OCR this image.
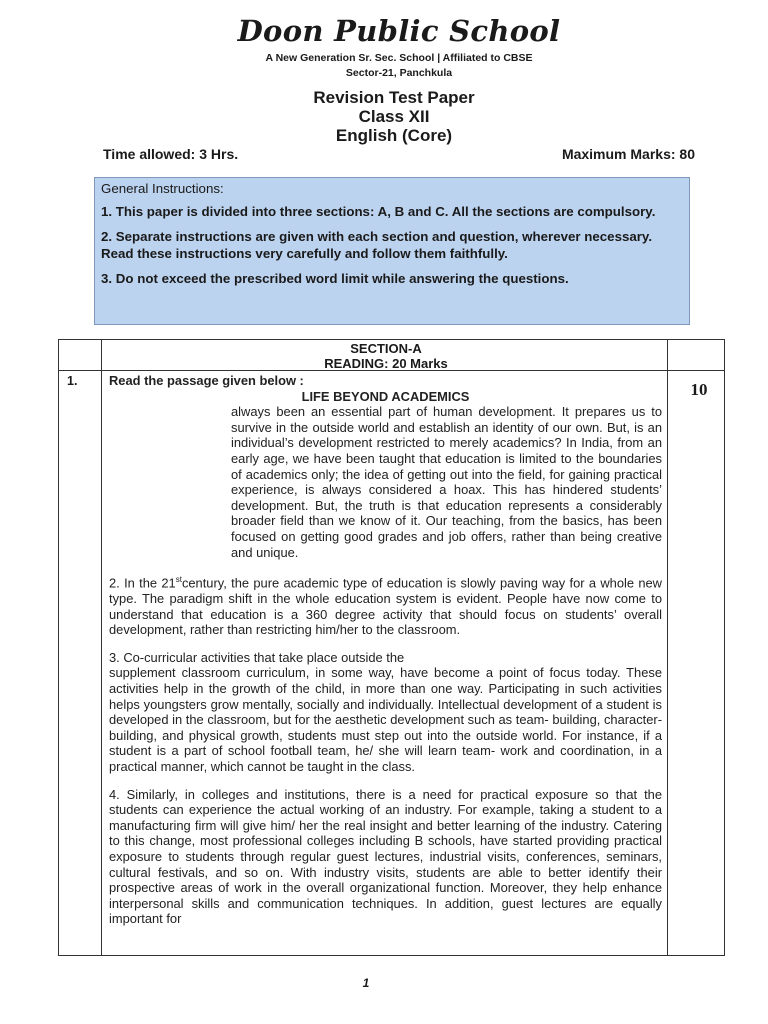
Doon Public School
A New Generation Sr. Sec. School | Affiliated to CBSE
Sector-21, Panchkula
Revision Test Paper
Class XII
English (Core)
Time allowed: 3 Hrs.	Maximum Marks: 80
General Instructions:

1. This paper is divided into three sections: A, B and C. All the sections are compulsory.

2. Separate instructions are given with each section and question, wherever necessary. Read these instructions very carefully and follow them faithfully.

3. Do not exceed the prescribed word limit while answering the questions.

SECTION-A
READING: 20 Marks
1.	10

Read the passage given below :

LIFE BEYOND ACADEMICS

always been an essential part of human development. It prepares us to survive in the outside world and establish an identity of our own. But, is an individual’s development restricted to merely academics? In India, from an early age, we have been taught that education is limited to the boundaries of academics only; the idea of getting out into the field, for gaining practical experience, is always considered a hoax. This has hindered students’ development. But, the truth is that education represents a considerably broader field than we know of it. Our teaching, from the basics, has been focused on getting good grades and job offers, rather than being creative and unique.

2. In the 21stcentury, the pure academic type of education is slowly paving way for a whole new type. The paradigm shift in the whole education system is evident. People have now come to understand that education is a 360 degree activity that should focus on students’ overall development, rather than restricting him/her to the classroom.

3. Co-curricular activities that take place outside the

supplement classroom curriculum, in some way, have become a point of focus today. These activities help in the growth of the child, in more than one way. Participating in such activities helps youngsters grow mentally, socially and individually. Intellectual development of a student is developed in the classroom, but for the aesthetic development such as team- building, character- building, and physical growth, students must step out into the outside world. For instance, if a student is a part of school football team, he/ she will learn team- work and coordination, in a practical manner, which cannot be taught in the class.

4. Similarly, in colleges and institutions, there is a need for practical exposure so that the students can experience the actual working of an industry. For example, taking a student to a manufacturing firm will give him/ her the real insight and better learning of the industry. Catering to this change, most professional colleges including B schools, have started providing practical exposure to students through regular guest lectures, industrial visits, conferences, seminars, cultural festivals, and so on. With industry visits, students are able to better identify their prospective areas of work in the overall organizational function. Moreover, they help enhance interpersonal skills and communication techniques. In addition, guest lectures are equally important for

1
